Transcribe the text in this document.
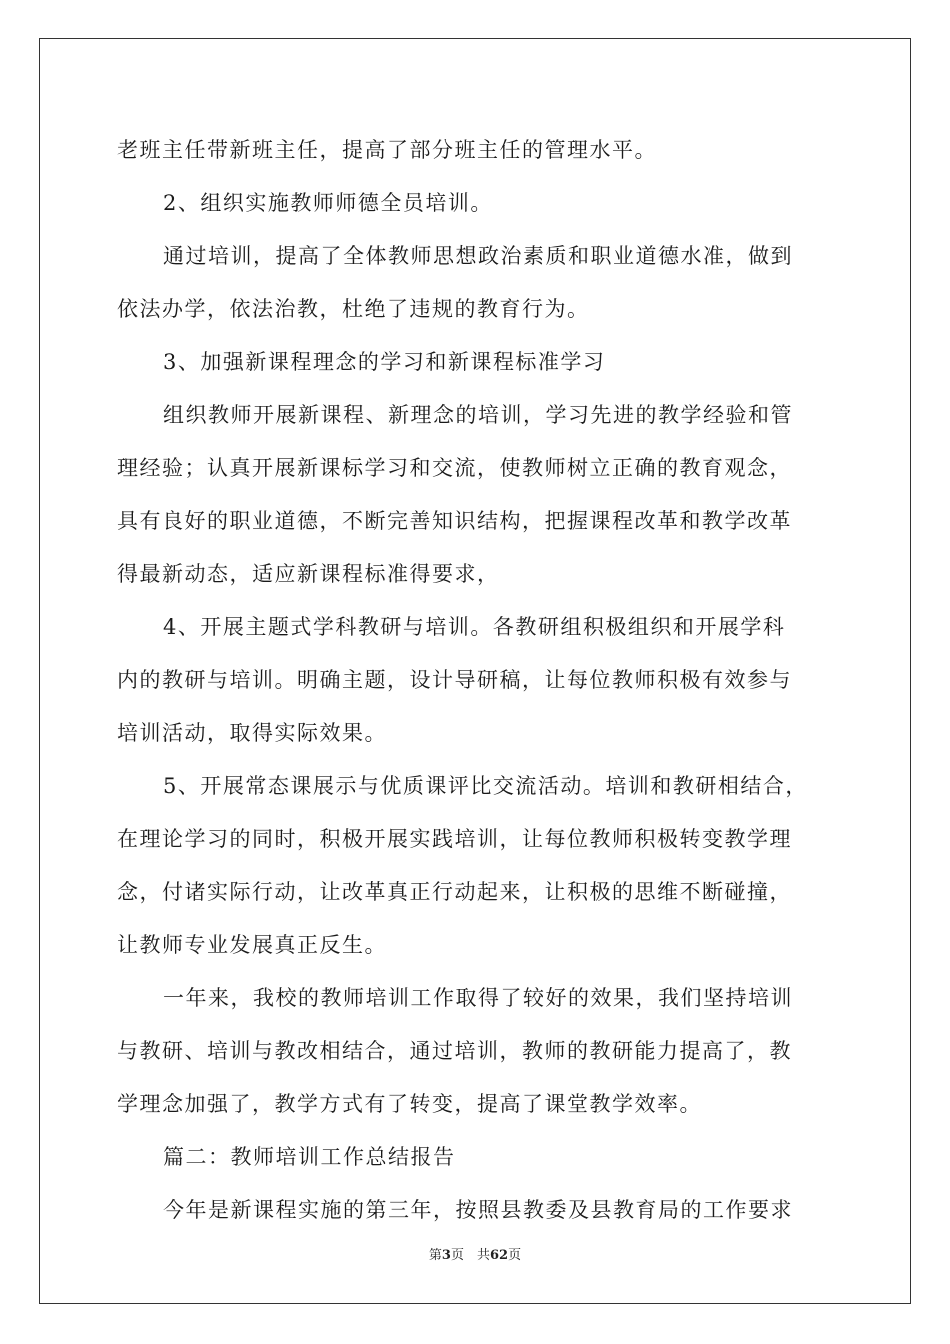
老班主任带新班主任，提高了部分班主任的管理水平。
2、组织实施教师师德全员培训。
通过培训，提高了全体教师思想政治素质和职业道德水准，做到
依法办学，依法治教，杜绝了违规的教育行为。
3、加强新课程理念的学习和新课程标准学习
组织教师开展新课程、新理念的培训，学习先进的教学经验和管
理经验；认真开展新课标学习和交流，使教师树立正确的教育观念，
具有良好的职业道德，不断完善知识结构，把握课程改革和教学改革
得最新动态，适应新课程标准得要求，
4、开展主题式学科教研与培训。各教研组积极组织和开展学科
内的教研与培训。明确主题，设计导研稿，让每位教师积极有效参与
培训活动，取得实际效果。
5、开展常态课展示与优质课评比交流活动。培训和教研相结合，
在理论学习的同时，积极开展实践培训，让每位教师积极转变教学理
念，付诸实际行动，让改革真正行动起来，让积极的思维不断碰撞，
让教师专业发展真正反生。
一年来，我校的教师培训工作取得了较好的效果，我们坚持培训
与教研、培训与教改相结合，通过培训，教师的教研能力提高了，教
学理念加强了，教学方式有了转变，提高了课堂教学效率。
篇二：教师培训工作总结报告
今年是新课程实施的第三年，按照县教委及县教育局的工作要求
第3页　共62页
